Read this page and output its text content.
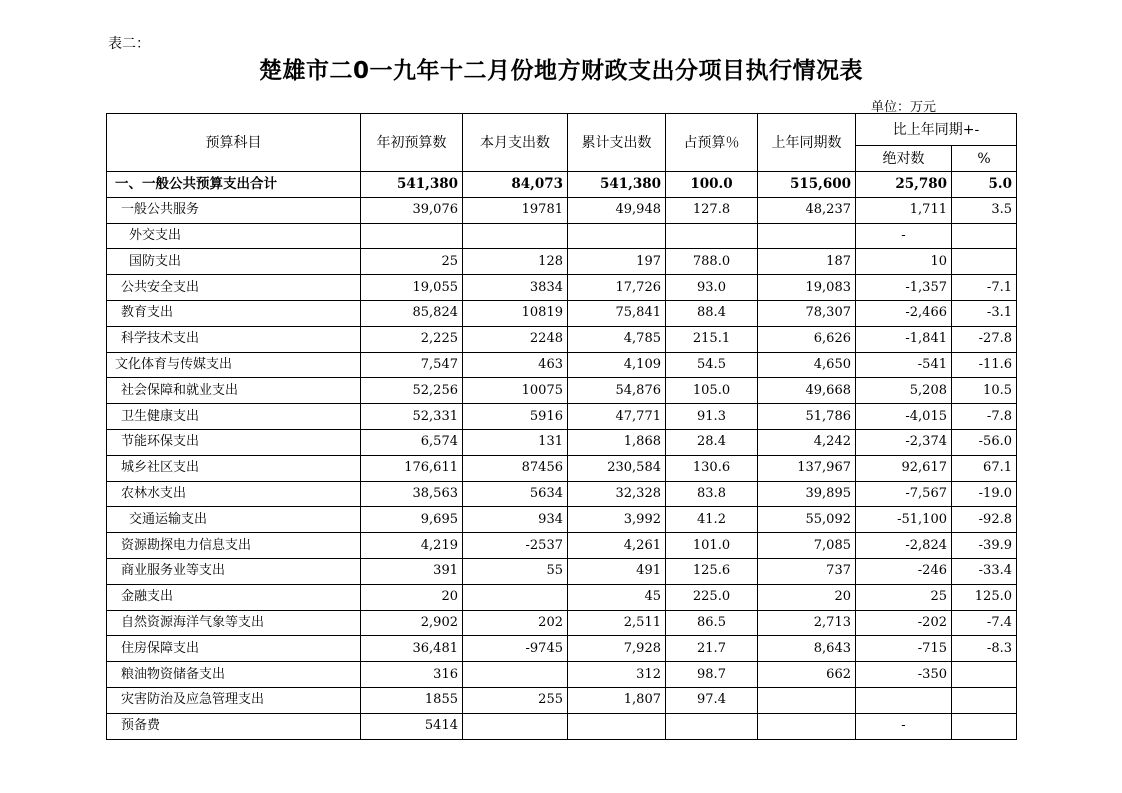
表二：
楚雄市二0一九年十二月份地方财政支出分项目执行情况表
单位：万元
预算科目	年初预算数	本月支出数	累计支出数	占预算％	上年同期数	比上年同期+-	
						绝对数	%
一、一般公共预算支出合计	541,380	84,073	541,380	100.0	515,600	25,780	5.0
一般公共服务	39,076	19781	49,948	127.8	48,237	1,711	3.5
外交支出						-	
国防支出	25	128	197	788.0	187	10	
公共安全支出	19,055	3834	17,726	93.0	19,083	-1,357	-7.1
教育支出	85,824	10819	75,841	88.4	78,307	-2,466	-3.1
科学技术支出	2,225	2248	4,785	215.1	6,626	-1,841	-27.8
文化体育与传媒支出	7,547	463	4,109	54.5	4,650	-541	-11.6
社会保障和就业支出	52,256	10075	54,876	105.0	49,668	5,208	10.5
卫生健康支出	52,331	5916	47,771	91.3	51,786	-4,015	-7.8
节能环保支出	6,574	131	1,868	28.4	4,242	-2,374	-56.0
城乡社区支出	176,611	87456	230,584	130.6	137,967	92,617	67.1
农林水支出	38,563	5634	32,328	83.8	39,895	-7,567	-19.0
交通运输支出	9,695	934	3,992	41.2	55,092	-51,100	-92.8
资源勘探电力信息支出	4,219	-2537	4,261	101.0	7,085	-2,824	-39.9
商业服务业等支出	391	55	491	125.6	737	-246	-33.4
金融支出	20		45	225.0	20	25	125.0
自然资源海洋气象等支出	2,902	202	2,511	86.5	2,713	-202	-7.4
住房保障支出	36,481	-9745	7,928	21.7	8,643	-715	-8.3
粮油物资储备支出	316		312	98.7	662	-350	
灾害防治及应急管理支出	1855	255	1,807	97.4			
预备费	5414					-	
